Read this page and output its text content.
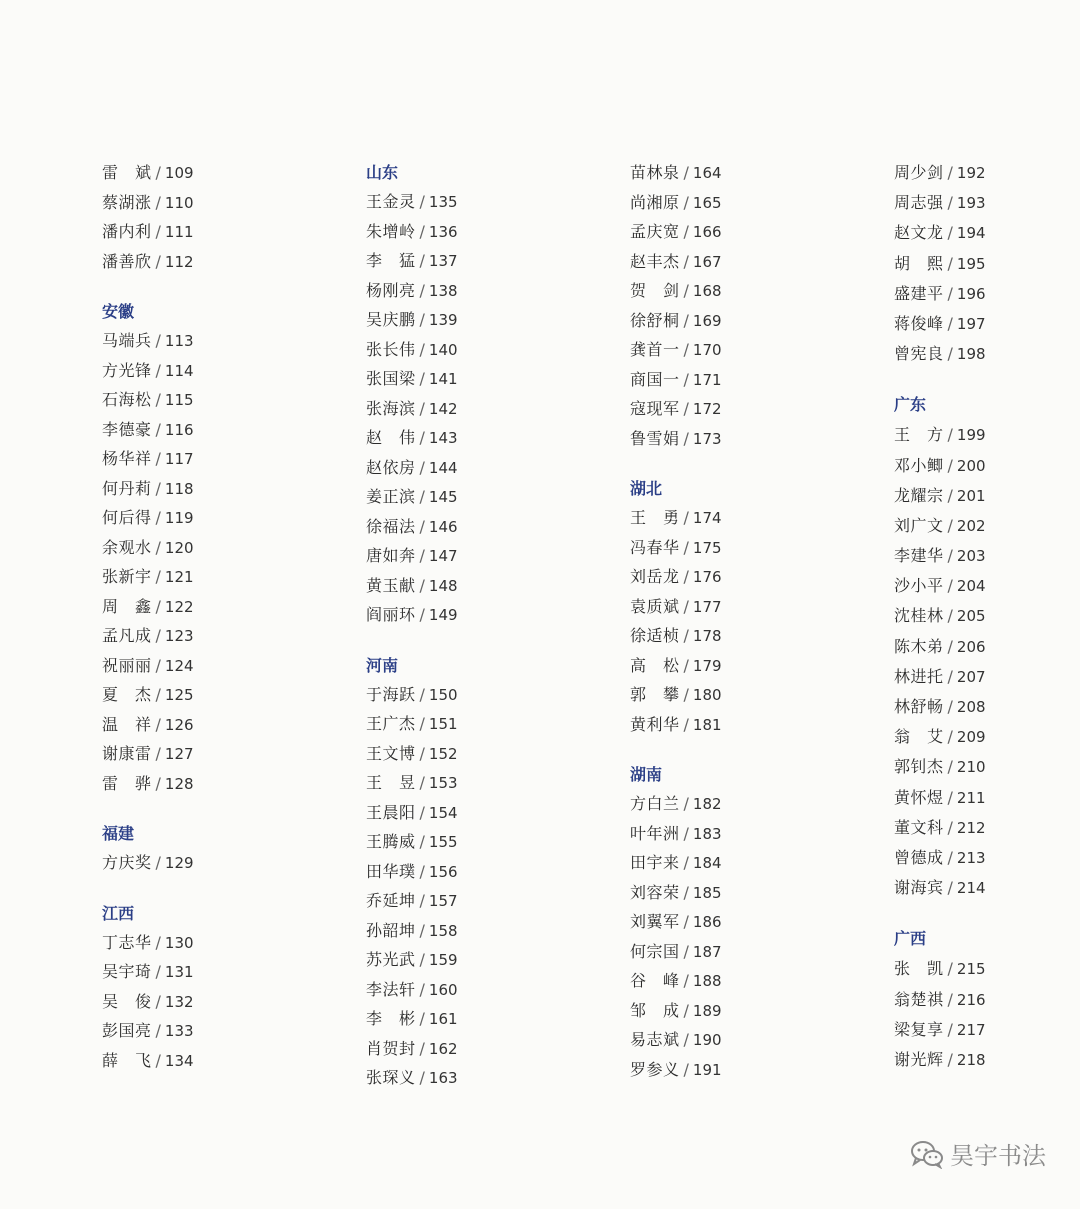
雷　斌 / 109
蔡湖涨 / 110
潘内利 / 111
潘善欣 / 112
安徽
马端兵 / 113
方光锋 / 114
石海松 / 115
李德豪 / 116
杨华祥 / 117
何丹莉 / 118
何后得 / 119
余观水 / 120
张新宇 / 121
周　鑫 / 122
孟凡成 / 123
祝丽丽 / 124
夏　杰 / 125
温　祥 / 126
谢康雷 / 127
雷　骅 / 128
福建
方庆奖 / 129
江西
丁志华 / 130
吴宇琦 / 131
吴　俊 / 132
彭国亮 / 133
薛　飞 / 134
山东
王金灵 / 135
朱增岭 / 136
李　猛 / 137
杨刚亮 / 138
吴庆鹏 / 139
张长伟 / 140
张国梁 / 141
张海滨 / 142
赵　伟 / 143
赵依房 / 144
姜正滨 / 145
徐福法 / 146
唐如奔 / 147
黄玉献 / 148
阎丽环 / 149
河南
于海跃 / 150
王广杰 / 151
王文博 / 152
王　昱 / 153
王晨阳 / 154
王腾威 / 155
田华璞 / 156
乔延坤 / 157
孙韶坤 / 158
苏光武 / 159
李法轩 / 160
李　彬 / 161
肖贺封 / 162
张琛义 / 163
苗林泉 / 164
尚湘原 / 165
孟庆宽 / 166
赵丰杰 / 167
贺　剑 / 168
徐舒桐 / 169
龚首一 / 170
商国一 / 171
寇现军 / 172
鲁雪娟 / 173
湖北
王　勇 / 174
冯春华 / 175
刘岳龙 / 176
袁质斌 / 177
徐适桢 / 178
高　松 / 179
郭　攀 / 180
黄利华 / 181
湖南
方白兰 / 182
叶年洲 / 183
田宇来 / 184
刘容荣 / 185
刘翼军 / 186
何宗国 / 187
谷　峰 / 188
邹　成 / 189
易志斌 / 190
罗参义 / 191
周少剑 / 192
周志强 / 193
赵文龙 / 194
胡　熙 / 195
盛建平 / 196
蒋俊峰 / 197
曾宪良 / 198
广东
王　方 / 199
邓小鲫 / 200
龙耀宗 / 201
刘广文 / 202
李建华 / 203
沙小平 / 204
沈桂林 / 205
陈木弟 / 206
林进托 / 207
林舒畅 / 208
翁　艾 / 209
郭钊杰 / 210
黄怀煜 / 211
董文科 / 212
曾德成 / 213
谢海宾 / 214
广西
张　凯 / 215
翁楚祺 / 216
梁复享 / 217
谢光辉 / 218
昊宇书法
